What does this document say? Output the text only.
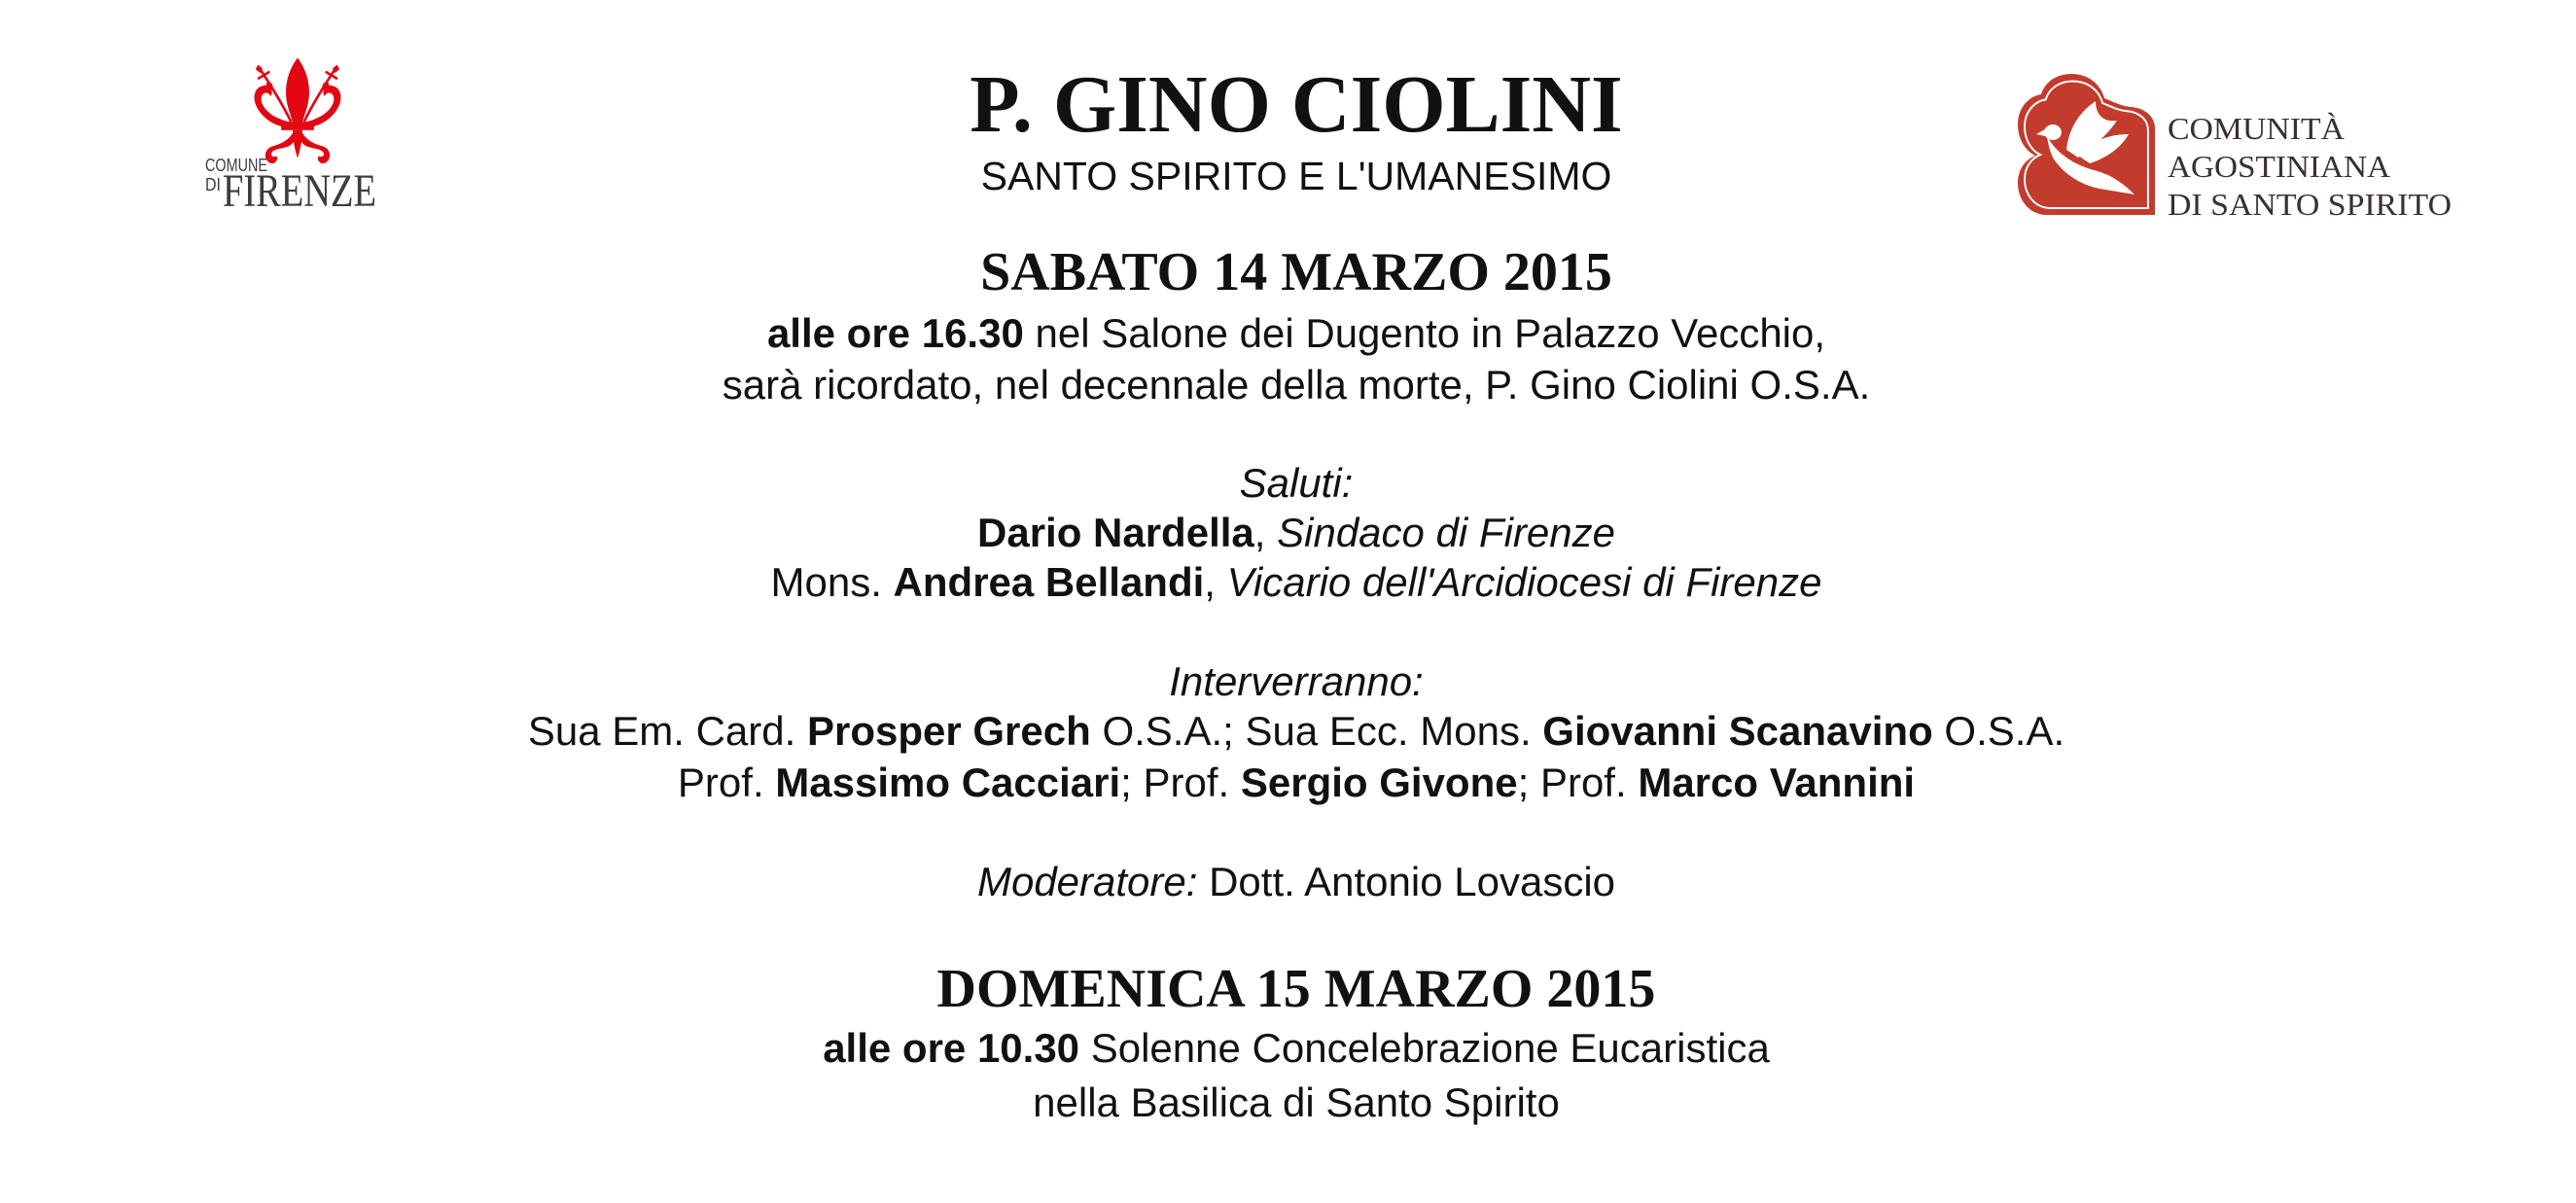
COMUNE
DI FIRENZE
COMUNITÀ
AGOSTINIANA
DI SANTO SPIRITO
P. GINO CIOLINI
SANTO SPIRITO E L'UMANESIMO
SABATO 14 MARZO 2015
alle ore 16.30 nel Salone dei Dugento in Palazzo Vecchio,
sarà ricordato, nel decennale della morte, P. Gino Ciolini O.S.A.
Saluti:
Dario Nardella, Sindaco di Firenze
Mons. Andrea Bellandi, Vicario dell'Arcidiocesi di Firenze
Interverranno:
Sua Em. Card. Prosper Grech O.S.A.; Sua Ecc. Mons. Giovanni Scanavino O.S.A.
Prof. Massimo Cacciari; Prof. Sergio Givone; Prof. Marco Vannini
Moderatore: Dott. Antonio Lovascio
DOMENICA 15 MARZO 2015
alle ore 10.30 Solenne Concelebrazione Eucaristica
nella Basilica di Santo Spirito
